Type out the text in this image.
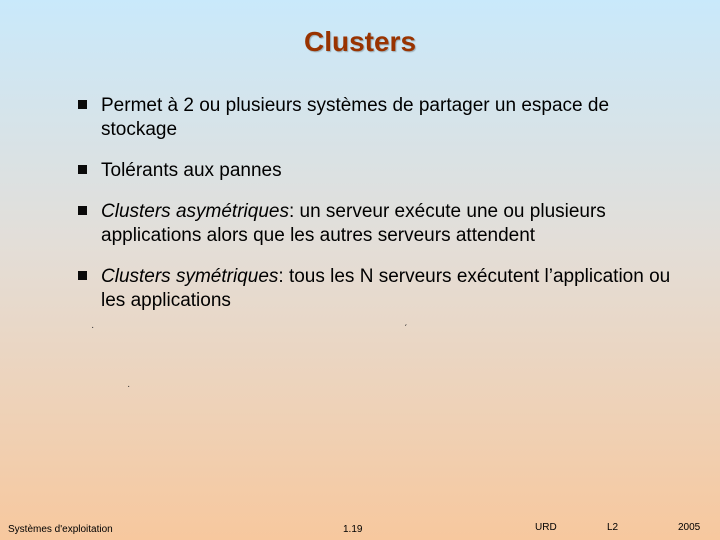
Clusters
Permet à 2 ou plusieurs systèmes de partager un espace de stockage
Tolérants aux pannes
Clusters asymétriques: un serveur exécute une ou plusieurs applications alors que les autres serveurs attendent
Clusters symétriques: tous les N serveurs exécutent l’application ou les applications
·	ˊ
·
Systèmes d'exploitation	1.19	URD	L2	2005
